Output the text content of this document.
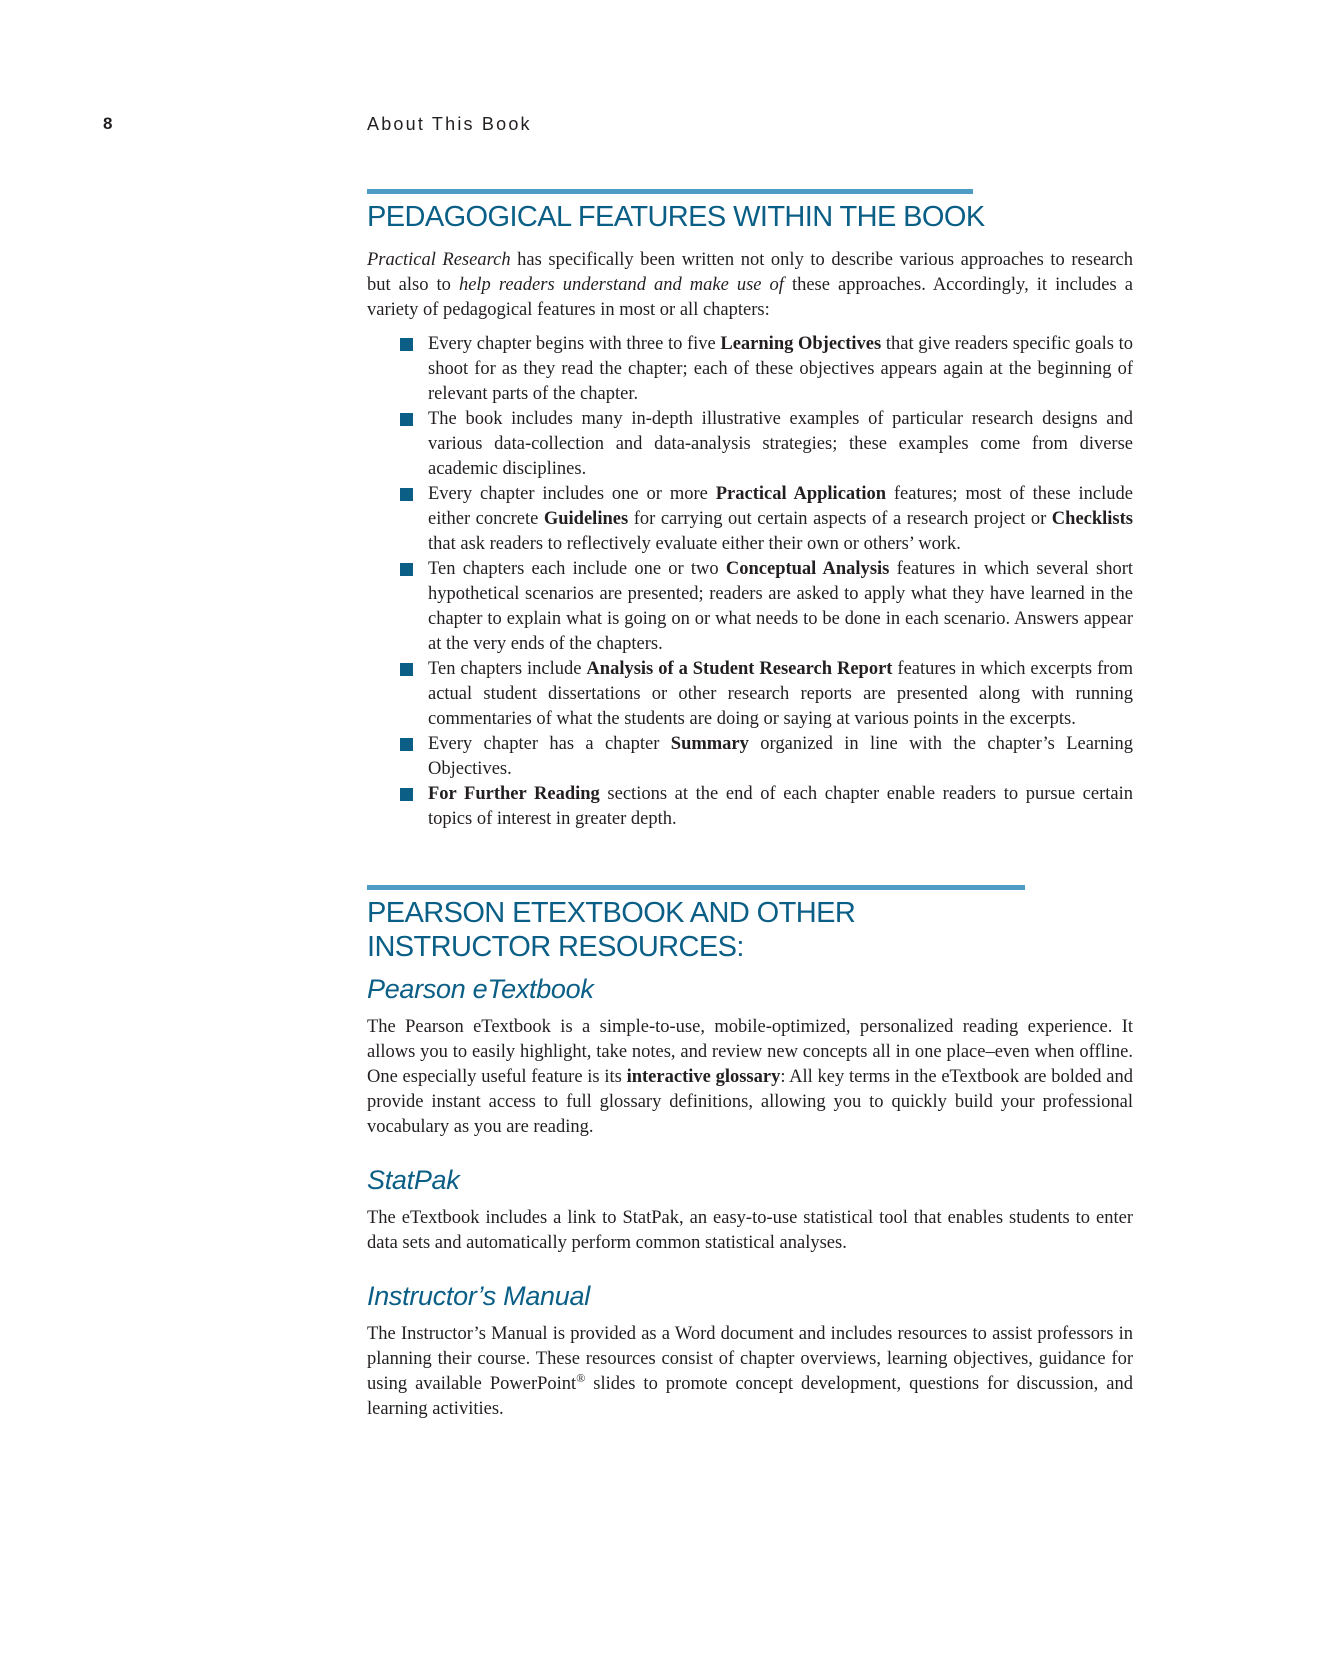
8	About This Book
PEDAGOGICAL FEATURES WITHIN THE BOOK

Practical Research has specifically been written not only to describe various approaches to research but also to help readers understand and make use of these approaches. Accordingly, it includes a variety of pedagogical features in most or all chapters:

Every chapter begins with three to five Learning Objectives that give readers specific goals to shoot for as they read the chapter; each of these objectives appears again at the beginning of relevant parts of the chapter.
The book includes many in-depth illustrative examples of particular research designs and various data-collection and data-analysis strategies; these examples come from diverse academic disciplines.
Every chapter includes one or more Practical Application features; most of these include either concrete Guidelines for carrying out certain aspects of a research project or Checklists that ask readers to reflectively evaluate either their own or others’ work.
Ten chapters each include one or two Conceptual Analysis features in which several short hypothetical scenarios are presented; readers are asked to apply what they have learned in the chapter to explain what is going on or what needs to be done in each scenario. Answers appear at the very ends of the chapters.
Ten chapters include Analysis of a Student Research Report features in which excerpts from actual student dissertations or other research reports are presented along with running commentaries of what the students are doing or saying at various points in the excerpts.
Every chapter has a chapter Summary organized in line with the chapter’s Learning Objectives.
For Further Reading sections at the end of each chapter enable readers to pursue certain topics of interest in greater depth.
PEARSON ETEXTBOOK AND OTHER INSTRUCTOR RESOURCES:
Pearson eTextbook

The Pearson eTextbook is a simple-to-use, mobile-optimized, personalized reading experience. It allows you to easily highlight, take notes, and review new concepts all in one place–even when offline. One especially useful feature is its interactive glossary: All key terms in the eTextbook are bolded and provide instant access to full glossary definitions, allowing you to quickly build your professional vocabulary as you are reading.

StatPak

The eTextbook includes a link to StatPak, an easy-to-use statistical tool that enables students to enter data sets and automatically perform common statistical analyses.

Instructor’s Manual

The Instructor’s Manual is provided as a Word document and includes resources to assist professors in planning their course. These resources consist of chapter overviews, learning objectives, guidance for using available PowerPoint® slides to promote concept development, questions for discussion, and learning activities.
